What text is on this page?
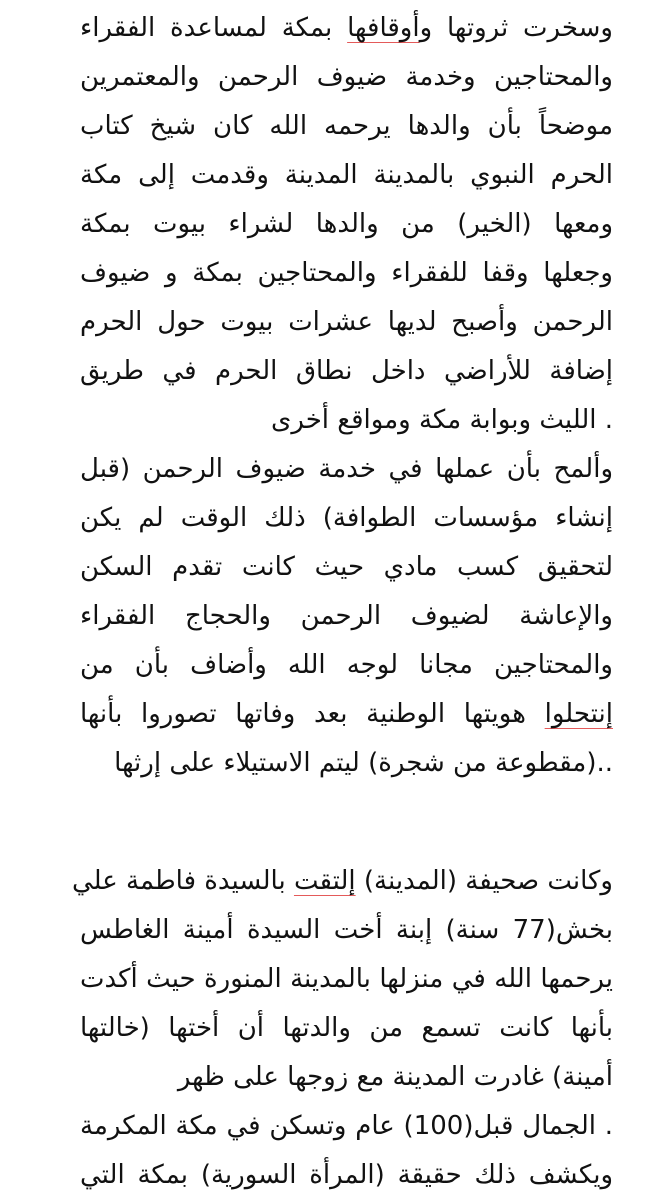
وسخرت ثروتها وأوقافها بمكة لمساعدة الفقراء
والمحتاجين وخدمة ضيوف الرحمن والمعتمرين
موضحاً بأن والدها يرحمه الله كان شيخ كتاب
الحرم النبوي بالمدينة المدينة وقدمت إلى مكة
ومعها (الخير) من والدها لشراء بيوت بمكة
وجعلها وقفا للفقراء والمحتاجين بمكة و ضيوف
الرحمن وأصبح لديها عشرات بيوت حول الحرم
إضافة للأراضي داخل نطاق الحرم في طريق
. الليث وبوابة مكة ومواقع أخرى
وألمح بأن عملها في خدمة ضيوف الرحمن (قبل
إنشاء مؤسسات الطوافة) ذلك الوقت لم يكن
لتحقيق كسب مادي حيث كانت تقدم السكن
والإعاشة لضيوف الرحمن والحجاج الفقراء
والمحتاجين مجانا لوجه الله وأضاف بأن من
إنتحلوا هويتها الوطنية بعد وفاتها تصوروا بأنها
..(مقطوعة من شجرة) ليتم الاستيلاء على إرثها
وكانت صحيفة (المدينة) إلتقت بالسيدة فاطمة علي
بخش(77 سنة) إبنة أخت السيدة أمينة الغاطس
يرحمها الله في منزلها بالمدينة المنورة حيث أكدت
بأنها كانت تسمع من والدتها أن أختها (خالتها
أمينة) غادرت المدينة مع زوجها على ظهر
. الجمال قبل(100) عام وتسكن في مكة المكرمة
ويكشف ذلك حقيقة (المرأة السورية) بمكة التي
